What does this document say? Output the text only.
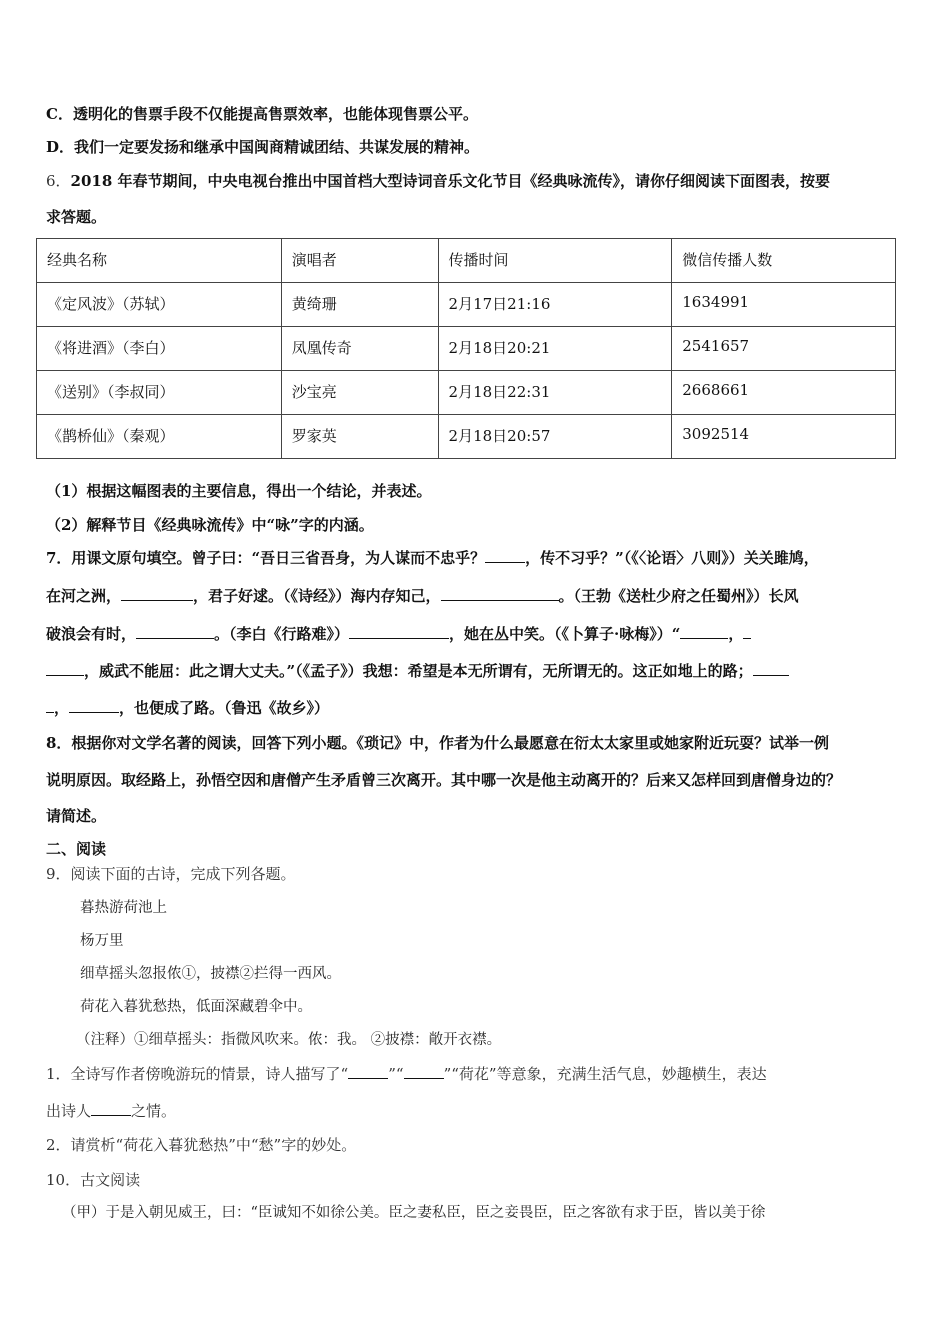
C．透明化的售票手段不仅能提高售票效率，也能体现售票公平。
D．我们一定要发扬和继承中国闽商精诚团结、共谋发展的精神。
6．2018 年春节期间，中央电视台推出中国首档大型诗词音乐文化节目《经典咏流传》，请你仔细阅读下面图表，按要
求答题。
经典名称	演唱者	传播时间	微信传播人数
《定风波》（苏轼）	黄绮珊	2月17日21:16	1634991
《将进酒》（李白）	凤凰传奇	2月18日20:21	2541657
《送别》（李叔同）	沙宝亮	2月18日22:31	2668661
《鹊桥仙》（秦观）	罗家英	2月18日20:57	3092514
（1）根据这幅图表的主要信息，得出一个结论，并表述。
（2）解释节目《经典咏流传》中“咏”字的内涵。
7．用课文原句填空。曾子曰：“吾日三省吾身，为人谋而不忠乎？	，传不习乎？”（《〈论语〉八则》）关关雎鸠，
在河之洲，	，君子好逑。（《诗经》）海内存知己，	。（王勃《送杜少府之任蜀州》）长风
破浪会有时，	。（李白《行路难》）	，她在丛中笑。（《卜算子·咏梅》）“	，
，威武不能屈：此之谓大丈夫。”（《孟子》）我想：希望是本无所谓有，无所谓无的。这正如地上的路；
，	，也便成了路。（鲁迅《故乡》）
8．根据你对文学名著的阅读，回答下列小题。《琐记》中，作者为什么最愿意在衍太太家里或她家附近玩耍？试举一例
说明原因。取经路上，孙悟空因和唐僧产生矛盾曾三次离开。其中哪一次是他主动离开的？后来又怎样回到唐僧身边的？
请简述。
二、阅读
9．阅读下面的古诗，完成下列各题。
暮热游荷池上
杨万里
细草摇头忽报侬①，披襟②拦得一西风。
荷花入暮犹愁热，低面深藏碧伞中。
（注释）①细草摇头：指微风吹来。侬：我。 ②披襟：敞开衣襟。
1．全诗写作者傍晚游玩的情景，诗人描写了“	”“	”“荷花”等意象，充满生活气息，妙趣横生，表达
出诗人	之情。
2．请赏析“荷花入暮犹愁热”中“愁”字的妙处。
10．古文阅读
（甲）于是入朝见威王，曰：“臣诚知不如徐公美。臣之妻私臣，臣之妾畏臣，臣之客欲有求于臣，皆以美于徐
